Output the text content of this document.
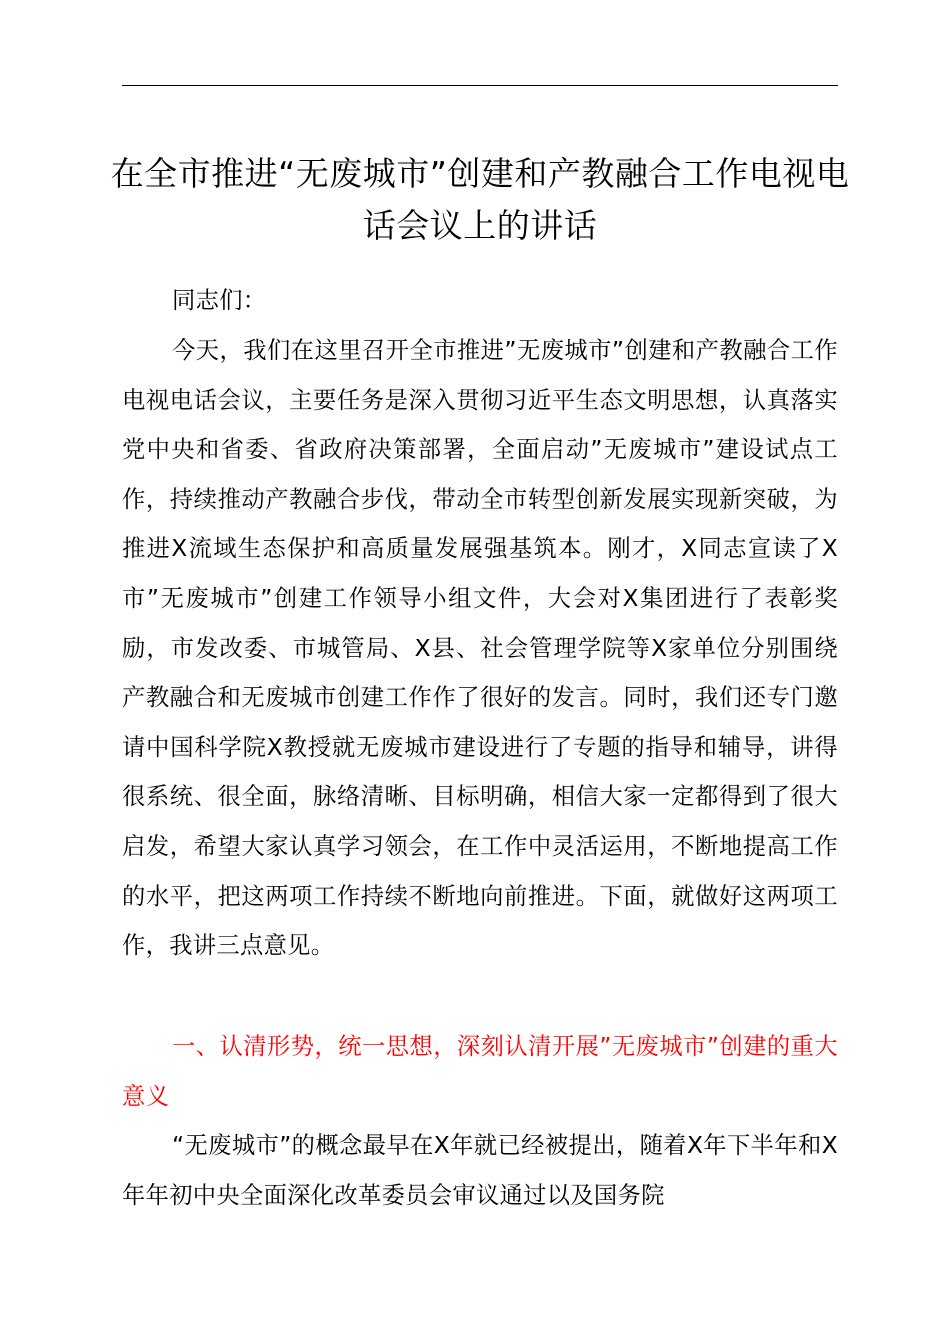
在全市推进“无废城市”创建和产教融合工作电视电话会议上的讲话

同志们：

今天，我们在这里召开全市推进”无废城市”创建和产教融合工作电视电话会议，主要任务是深入贯彻习近平生态文明思想，认真落实党中央和省委、省政府决策部署，全面启动”无废城市”建设试点工作，持续推动产教融合步伐，带动全市转型创新发展实现新突破，为推进X流域生态保护和高质量发展强基筑本。刚才，X同志宣读了X市”无废城市”创建工作领导小组文件，大会对X集团进行了表彰奖励，市发改委、市城管局、X县、社会管理学院等X家单位分别围绕产教融合和无废城市创建工作作了很好的发言。同时，我们还专门邀请中国科学院X教授就无废城市建设进行了专题的指导和辅导，讲得很系统、很全面，脉络清晰、目标明确，相信大家一定都得到了很大启发，希望大家认真学习领会，在工作中灵活运用，不断地提高工作的水平，把这两项工作持续不断地向前推进。下面，就做好这两项工作，我讲三点意见。

一、认清形势，统一思想，深刻认清开展”无废城市”创建的重大意义

“无废城市”的概念最早在X年就已经被提出，随着X年下半年和X年年初中央全面深化改革委员会审议通过以及国务院
